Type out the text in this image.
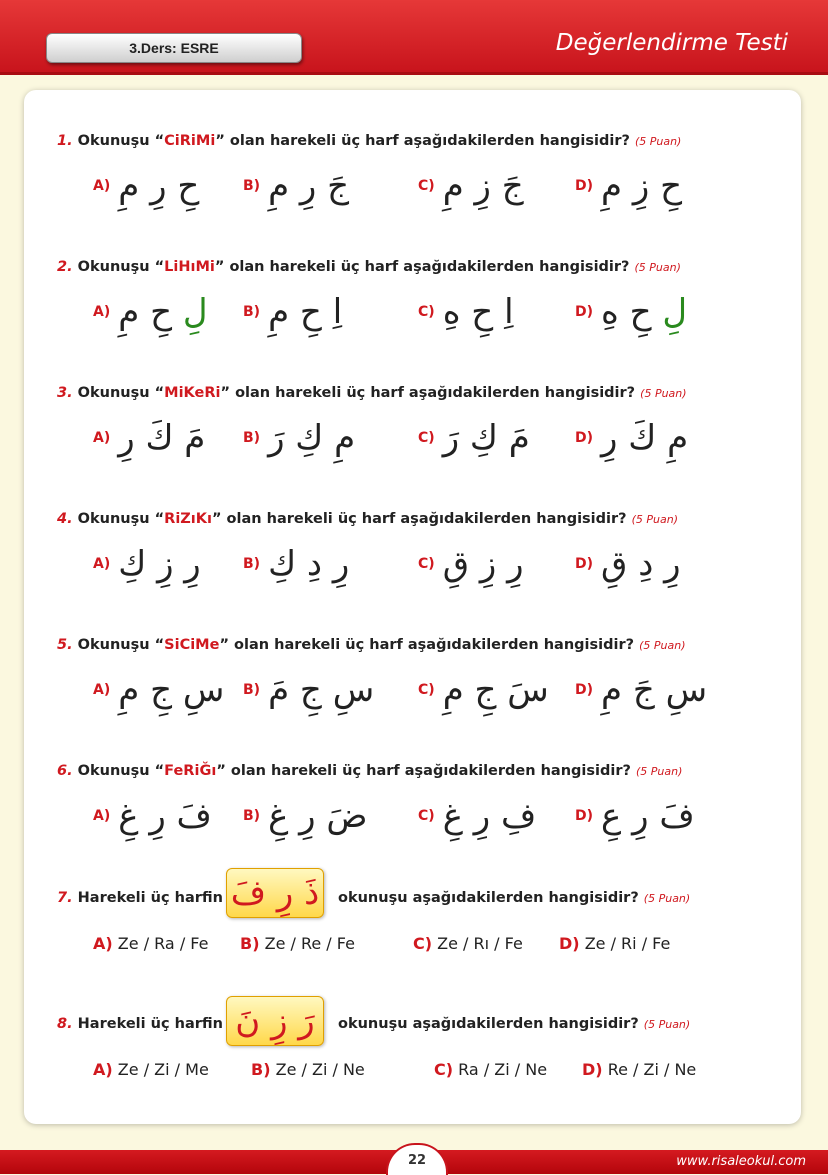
3.Ders: ESRE	Değerlendirme Testi
1. Okunuşu “CiRiMi” olan harekeli üç harf aşağıdakilerden hangisidir? (5 Puan)
A) حِ رِ مِ	B) جَ رِ مِ	C) جَ زِ مِ	D) حِ زِ مِ
2. Okunuşu “LiHıMi” olan harekeli üç harf aşağıdakilerden hangisidir? (5 Puan)
A)	لِ حِ مِ	B) اِ حِ مِ	C) اِ حِ هِ	D)	لِ حِ هِ
3. Okunuşu “MiKeRi” olan harekeli üç harf aşağıdakilerden hangisidir? (5 Puan)
A) مَ كَ رِ	B) مِ كِ رَ	C) مَ كِ رَ	D) مِ كَ رِ
4. Okunuşu “RiZıKı” olan harekeli üç harf aşağıdakilerden hangisidir? (5 Puan)
A) رِ زِ كِ	B) رِ دِ كِ	C) رِ زِ قِ	D) رِ دِ قِ
5. Okunuşu “SiCiMe” olan harekeli üç harf aşağıdakilerden hangisidir? (5 Puan)
A) سِ جِ مِ B) سِ جِ مَ	C) سَ جِ مِ D) سِ جَ مِ
6. Okunuşu “FeRiĞı” olan harekeli üç harf aşağıdakilerden hangisidir? (5 Puan)
A) فَ رِ غِ B) ضَ رِ غِ	C) فِ رِ غِ	D) فَ رِ عِ
7. Harekeli üç harfin ذَ رِ فَ okunuşu aşağıdakilerden hangisidir? (5 Puan)
A) Ze / Ra / Fe B) Ze / Re / Fe	C) Ze / Rı / Fe D) Ze / Ri / Fe
8. Harekeli üç harfin رَ زِ نَ okunuşu aşağıdakilerden hangisidir? (5 Puan)
A) Ze / Zi / Me	B) Ze / Zi / Ne	C) Ra / Zi / Ne D) Re / Zi / Ne
22	www.risaleokul.com
